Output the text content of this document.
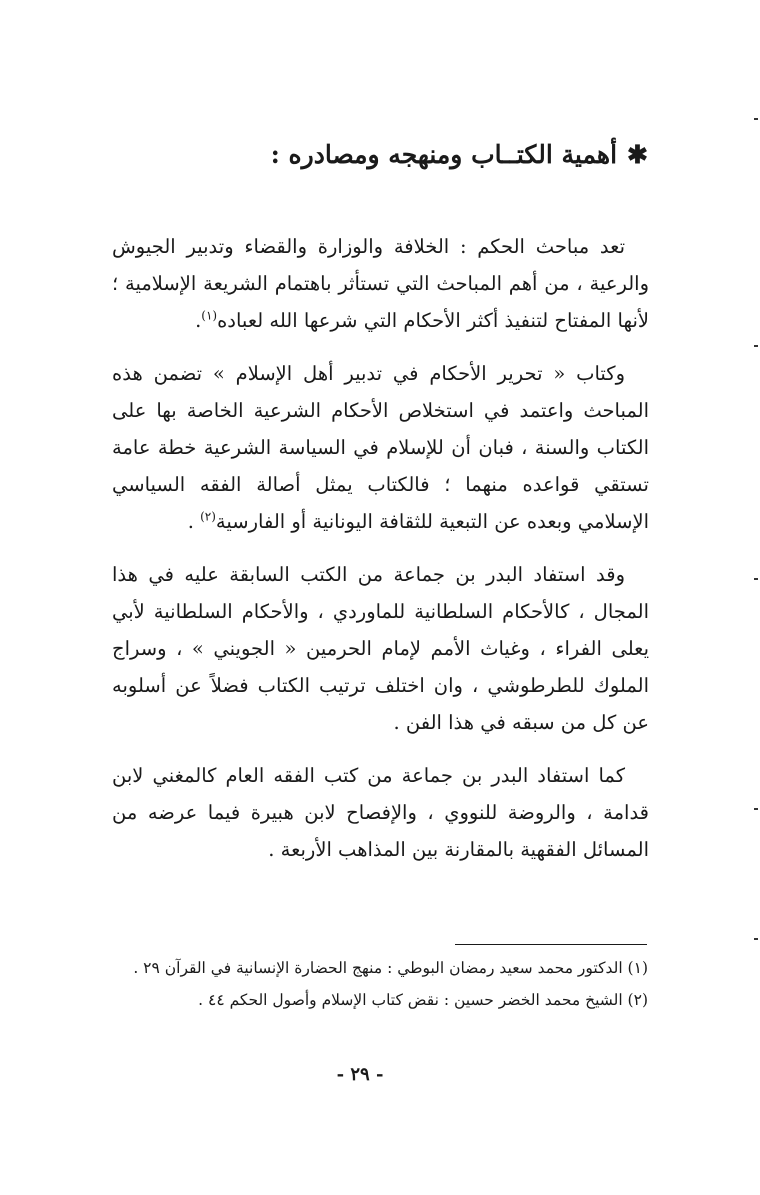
✱أهمية الكتــاب ومنهجه ومصادره :

تعد مباحث الحكم : الخلافة والوزارة والقضاء وتدبير الجيوش والرعية ، من أهم المباحث التي تستأثر باهتمام الشريعة الإسلامية ؛ لأنها المفتاح لتنفيذ أكثر الأحكام التي شرعها الله لعباده$^{(١)}$.

وكتاب « تحرير الأحكام في تدبير أهل الإسلام » تضمن هذه المباحث واعتمد في استخلاص الأحكام الشرعية الخاصة بها على الكتاب والسنة ، فبان أن للإسلام في السياسة الشرعية خطة عامة تستقي قواعده منهما ؛ فالكتاب يمثل أصالة الفقه السياسي الإسلامي وبعده عن التبعية للثقافة اليونانية أو الفارسية$^{(٢)}$ .

وقد استفاد البدر بن جماعة من الكتب السابقة عليه في هذا المجال ، كالأحكام السلطانية للماوردي ، والأحكام السلطانية لأبي يعلى الفراء ، وغياث الأمم لإمام الحرمين « الجويني » ، وسراج الملوك للطرطوشي ، وان اختلف ترتيب الكتاب فضلاً عن أسلوبه عن كل من سبقه في هذا الفن .

كما استفاد البدر بن جماعة من كتب الفقه العام كالمغني لابن قدامة ، والروضة للنووي ، والإفصاح لابن هبيرة فيما عرضه من المسائل الفقهية بالمقارنة بين المذاهب الأربعة .

(١) الدكتور محمد سعيد رمضان البوطي : منهج الحضارة الإنسانية في القرآن ٢٩ .
(٢) الشيخ محمد الخضر حسين : نقض كتاب الإسلام وأصول الحكم ٤٤ .
- ٢٩ -
